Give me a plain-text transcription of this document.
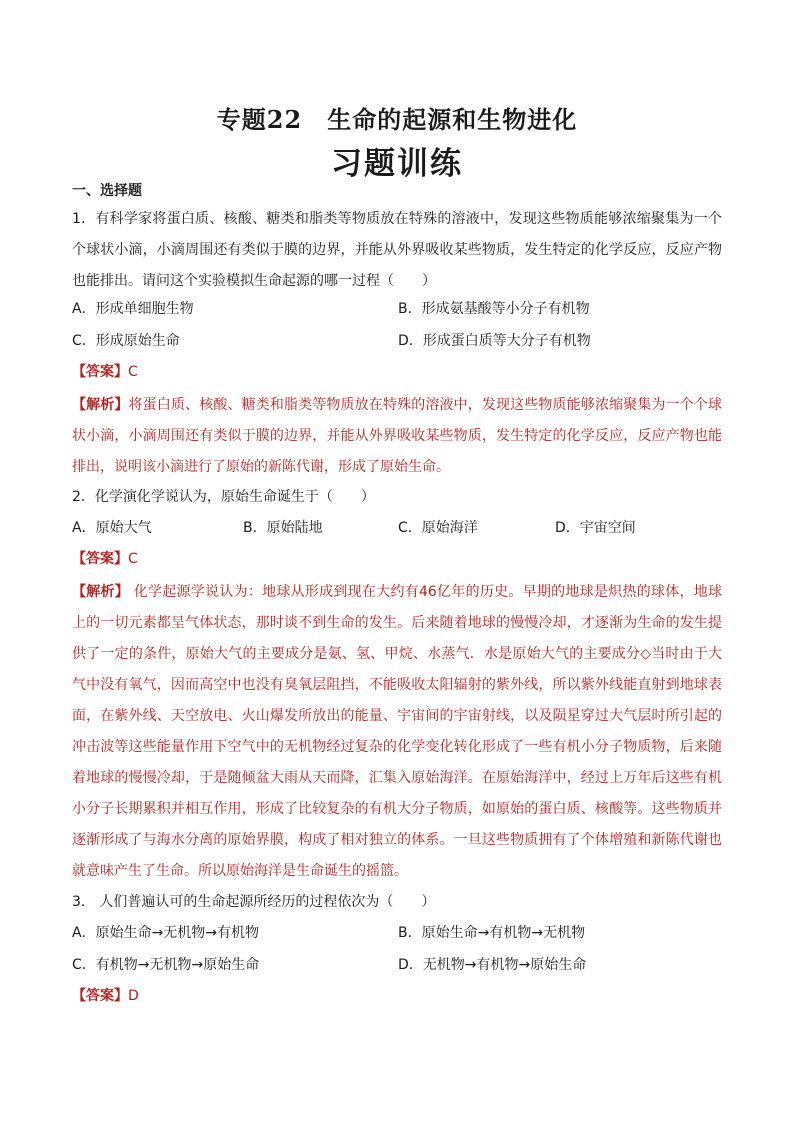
专题22　生命的起源和生物进化
习题训练
一、选择题
1．有科学家将蛋白质、核酸、糖类和脂类等物质放在特殊的溶液中，发现这些物质能够浓缩聚集为一个个球状小滴，小滴周围还有类似于膜的边界，并能从外界吸收某些物质，发生特定的化学反应，反应产物也能排出。请问这个实验模拟生命起源的哪一过程（　　）
A．形成单细胞生物	B．形成氨基酸等小分子有机物
C．形成原始生命	D．形成蛋白质等大分子有机物
【答案】C
【解析】将蛋白质、核酸、糖类和脂类等物质放在特殊的溶液中，发现这些物质能够浓缩聚集为一个个球状小滴，小滴周围还有类似于膜的边界，并能从外界吸收某些物质，发生特定的化学反应，反应产物也能排出，说明该小滴进行了原始的新陈代谢，形成了原始生命。
2．化学演化学说认为，原始生命诞生于（　　）
A．原始大气	B．原始陆地	C．原始海洋	D．宇宙空间
【答案】C
【解析】 化学起源学说认为：地球从形成到现在大约有46亿年的历史。早期的地球是炽热的球体，地球上的一切元素都呈气体状态，那时谈不到生命的发生。后来随着地球的慢慢冷却，才逐渐为生命的发生提供了一定的条件，原始大气的主要成分是氨、氢、甲烷、水蒸气．水是原始大气的主要成分◇当时由于大气中没有氧气，因而高空中也没有臭氧层阻挡，不能吸收太阳辐射的紫外线，所以紫外线能直射到地球表面，在紫外线、天空放电、火山爆发所放出的能量、宇宙间的宇宙射线，以及陨星穿过大气层时所引起的冲击波等这些能量作用下空气中的无机物经过复杂的化学变化转化形成了一些有机小分子物质物，后来随着地球的慢慢冷却，于是随倾盆大雨从天而降，汇集入原始海洋。在原始海洋中，经过上万年后这些有机小分子长期累积并相互作用，形成了比较复杂的有机大分子物质，如原始的蛋白质、核酸等。这些物质并逐渐形成了与海水分离的原始界膜，构成了相对独立的体系。一旦这些物质拥有了个体增殖和新陈代谢也就意味产生了生命。所以原始海洋是生命诞生的摇篮。
3． 人们普遍认可的生命起源所经历的过程依次为（　　）
A．原始生命→无机物→有机物	B．原始生命→有机物→无机物
C．有机物→无机物→原始生命	D．无机物→有机物→原始生命
【答案】D
